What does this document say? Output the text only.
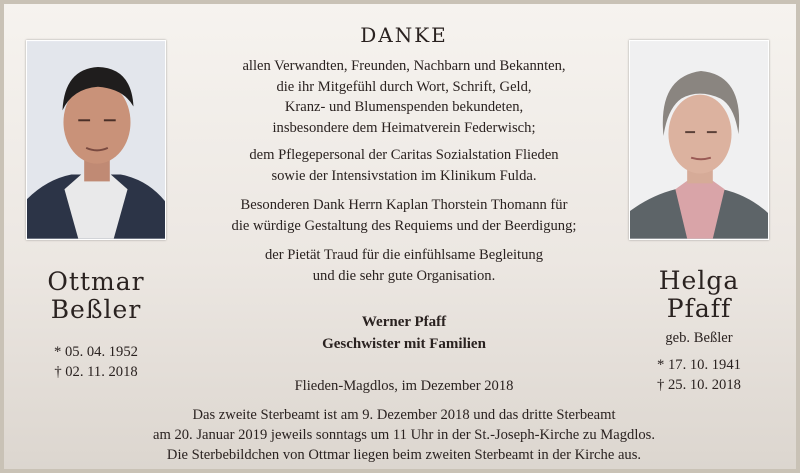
DANKE

allen Verwandten, Freunden, Nachbarn und Bekannten,
die ihr Mitgefühl durch Wort, Schrift, Geld,
Kranz- und Blumenspenden bekundeten,
insbesondere dem Heimatverein Federwisch;

dem Pflegepersonal der Caritas Sozialstation Flieden
sowie der Intensivstation im Klinikum Fulda.

Besonderen Dank Herrn Kaplan Thorstein Thomann für
die würdige Gestaltung des Requiems und der Beerdigung;

der Pietät Traud für die einfühlsame Begleitung
und die sehr gute Organisation.

Werner Pfaff
Geschwister mit Familien
Flieden-Magdlos, im Dezember 2018
Das zweite Sterbeamt ist am 9. Dezember 2018 und das dritte Sterbeamt
am 20. Januar 2019 jeweils sonntags um 11 Uhr in der St.-Joseph-Kirche zu Magdlos.
Die Sterbebildchen von Ottmar liegen beim zweiten Sterbeamt in der Kirche aus.
Ottmar
Beßler
* 05. 04. 1952
† 02. 11. 2018
Helga
Pfaff
geb. Beßler
* 17. 10. 1941
† 25. 10. 2018
